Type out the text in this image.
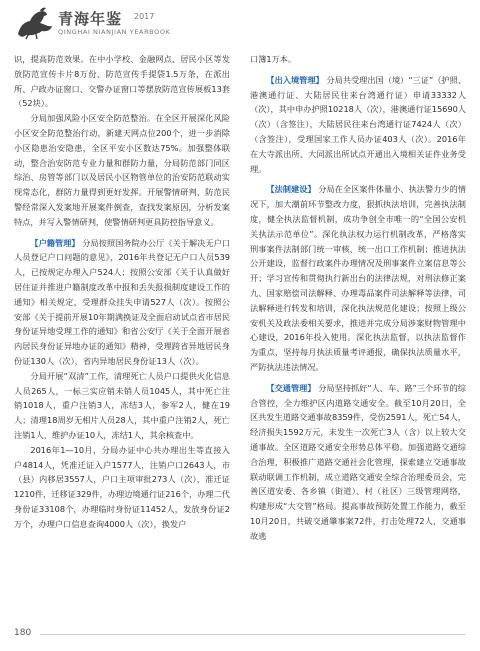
青海年鉴 2017
QINGHAI NIANJIAN YEARBOOK

识，提高防范效果。在中小学校、金融网点、居民小区等发放防范宣传卡片8万份、防范宣传手提袋1.5万条，在派出所、户政办证窗口、交警办证窗口等摆放防范宣传展板13套（52块）。

分局加强风险小区安全防范整治。在全区开展深化风险小区安全防范整治行动，新建天网点位200个，进一步消除小区隐患治安隐患，全区平安小区数达75%。加强整体联动，整合治安防范专业力量和群防力量，分局防范部门同区综治、房管等部门以及居民小区物管单位的治安防范联动实现常态化，群防力量得到更好发挥。开展警情研判，防范民警经常深入发案地开展案件倒查，查找发案原因，分析发案特点，并写入警情研判，使警情研判更具防控指导意义。

【户籍管理】 分局按照国务院办公厅《关于解决无户口人员登记户口问题的意见》，2016年共登记无户口人员539人，已按规定办理入户524人；按照公安部《关于认真做好居住证并推进户籍制度改革中报和丢失报损制度建设工作的通知》相关规定，受理群众挂失申请527人（次）。按照公安部《关于提前开展10年期满换证及全面启动试点省市居民身份证异地受理工作的通知》和省公安厅《关于全面开展省内居民身份证异地办证的通知》精神，受理跨省异地居民身份证130人（次），省内异地居民身份证13人（次）。

分局开展“双清”工作，清理死亡人员户口提供火化信息人员265人，一标三实应销未销人员1045人，其中死亡注销1018人，重户注销3人，冻结3人，参军2人，健在19人；清理18周岁无相片人员28人，其中重户注销2人，死亡注销1人，维护办证10人，冻结1人，其余核查中。

2016年1—10月，分局办证中心共办理出生等直接入户4814人，凭准迁证入户1577人，注销户口2643人，市（县）内移居3557人，户口主项审批273人（次），准迁证1210件，迁移证329件，办理边境通行证216个，办理二代身份证33108个，办理临时身份证11452人，发放身份证2万个，办理户口信息查询4000人（次），换发户

口簿1万本。

【出入境管理】 分局共受理出国（境）“三证”（护照、港澳通行证、大陆居民往来台湾通行证）申请33332人（次），其中申办护照10218人（次），港澳通行证15690人（次）（含签注），大陆居民往来台湾通行证7424人（次）（含签注），受理国家工作人员办证403人（次）。2016年在大寺派出所、大同派出所试点开通出入境相关证件业务受理。

【法制建设】 分局在全区案件体量小、执法警力少的情况下，加大潮前环节整改力度，狠抓执法培训，完善执法制度，健全执法监督机制，成功争创全市唯一的“全国公安机关执法示范单位”。深化执法权力运行机制改革，严格落实刑事案件法制部门统一审核、统一出口工作机制；推进执法公开建设，监督行政案件办理情况及刑事案件立案信息等公开；学习宣传和贯彻执行新出台的法律法规，对刑法修正案九、国家赔偿司法解释、办理毒品案件司法解释等法律，司法解释进行转发和培训，深化执法规范化建设；按照上级公安机关及政法委相关要求，推进并完成分局涉案财物管理中心建设，2016年投入使用。深化执法监督，以执法监督作为重点，坚持每月执法质量考评通报，确保执法质量水平，严防执法违法情况。

【交通管理】 分局坚持抓好“人、车、路”三个环节的综合管控，全力维护区内道路交通安全。截至10月20日，全区共发生道路交通事故8359件，受伤2591人，死亡54人，经济损失1592万元，未发生一次死亡3人（含）以上较大交通事故。全区道路交通安全形势总体平稳。加强道路交通综合治理，积极推广道路交通社会化管理，探索建立交通事故联动联调工作机制，成立道路交通安全综合治理委员会，完善区道安委、各乡镇（街道）、村（社区）三级管理网络，构建形成“大交管”格局。提高事故预防处置工作能力，截至10月20日，共破交通肇事案72件，打击处理72人，交通事故逃

180
